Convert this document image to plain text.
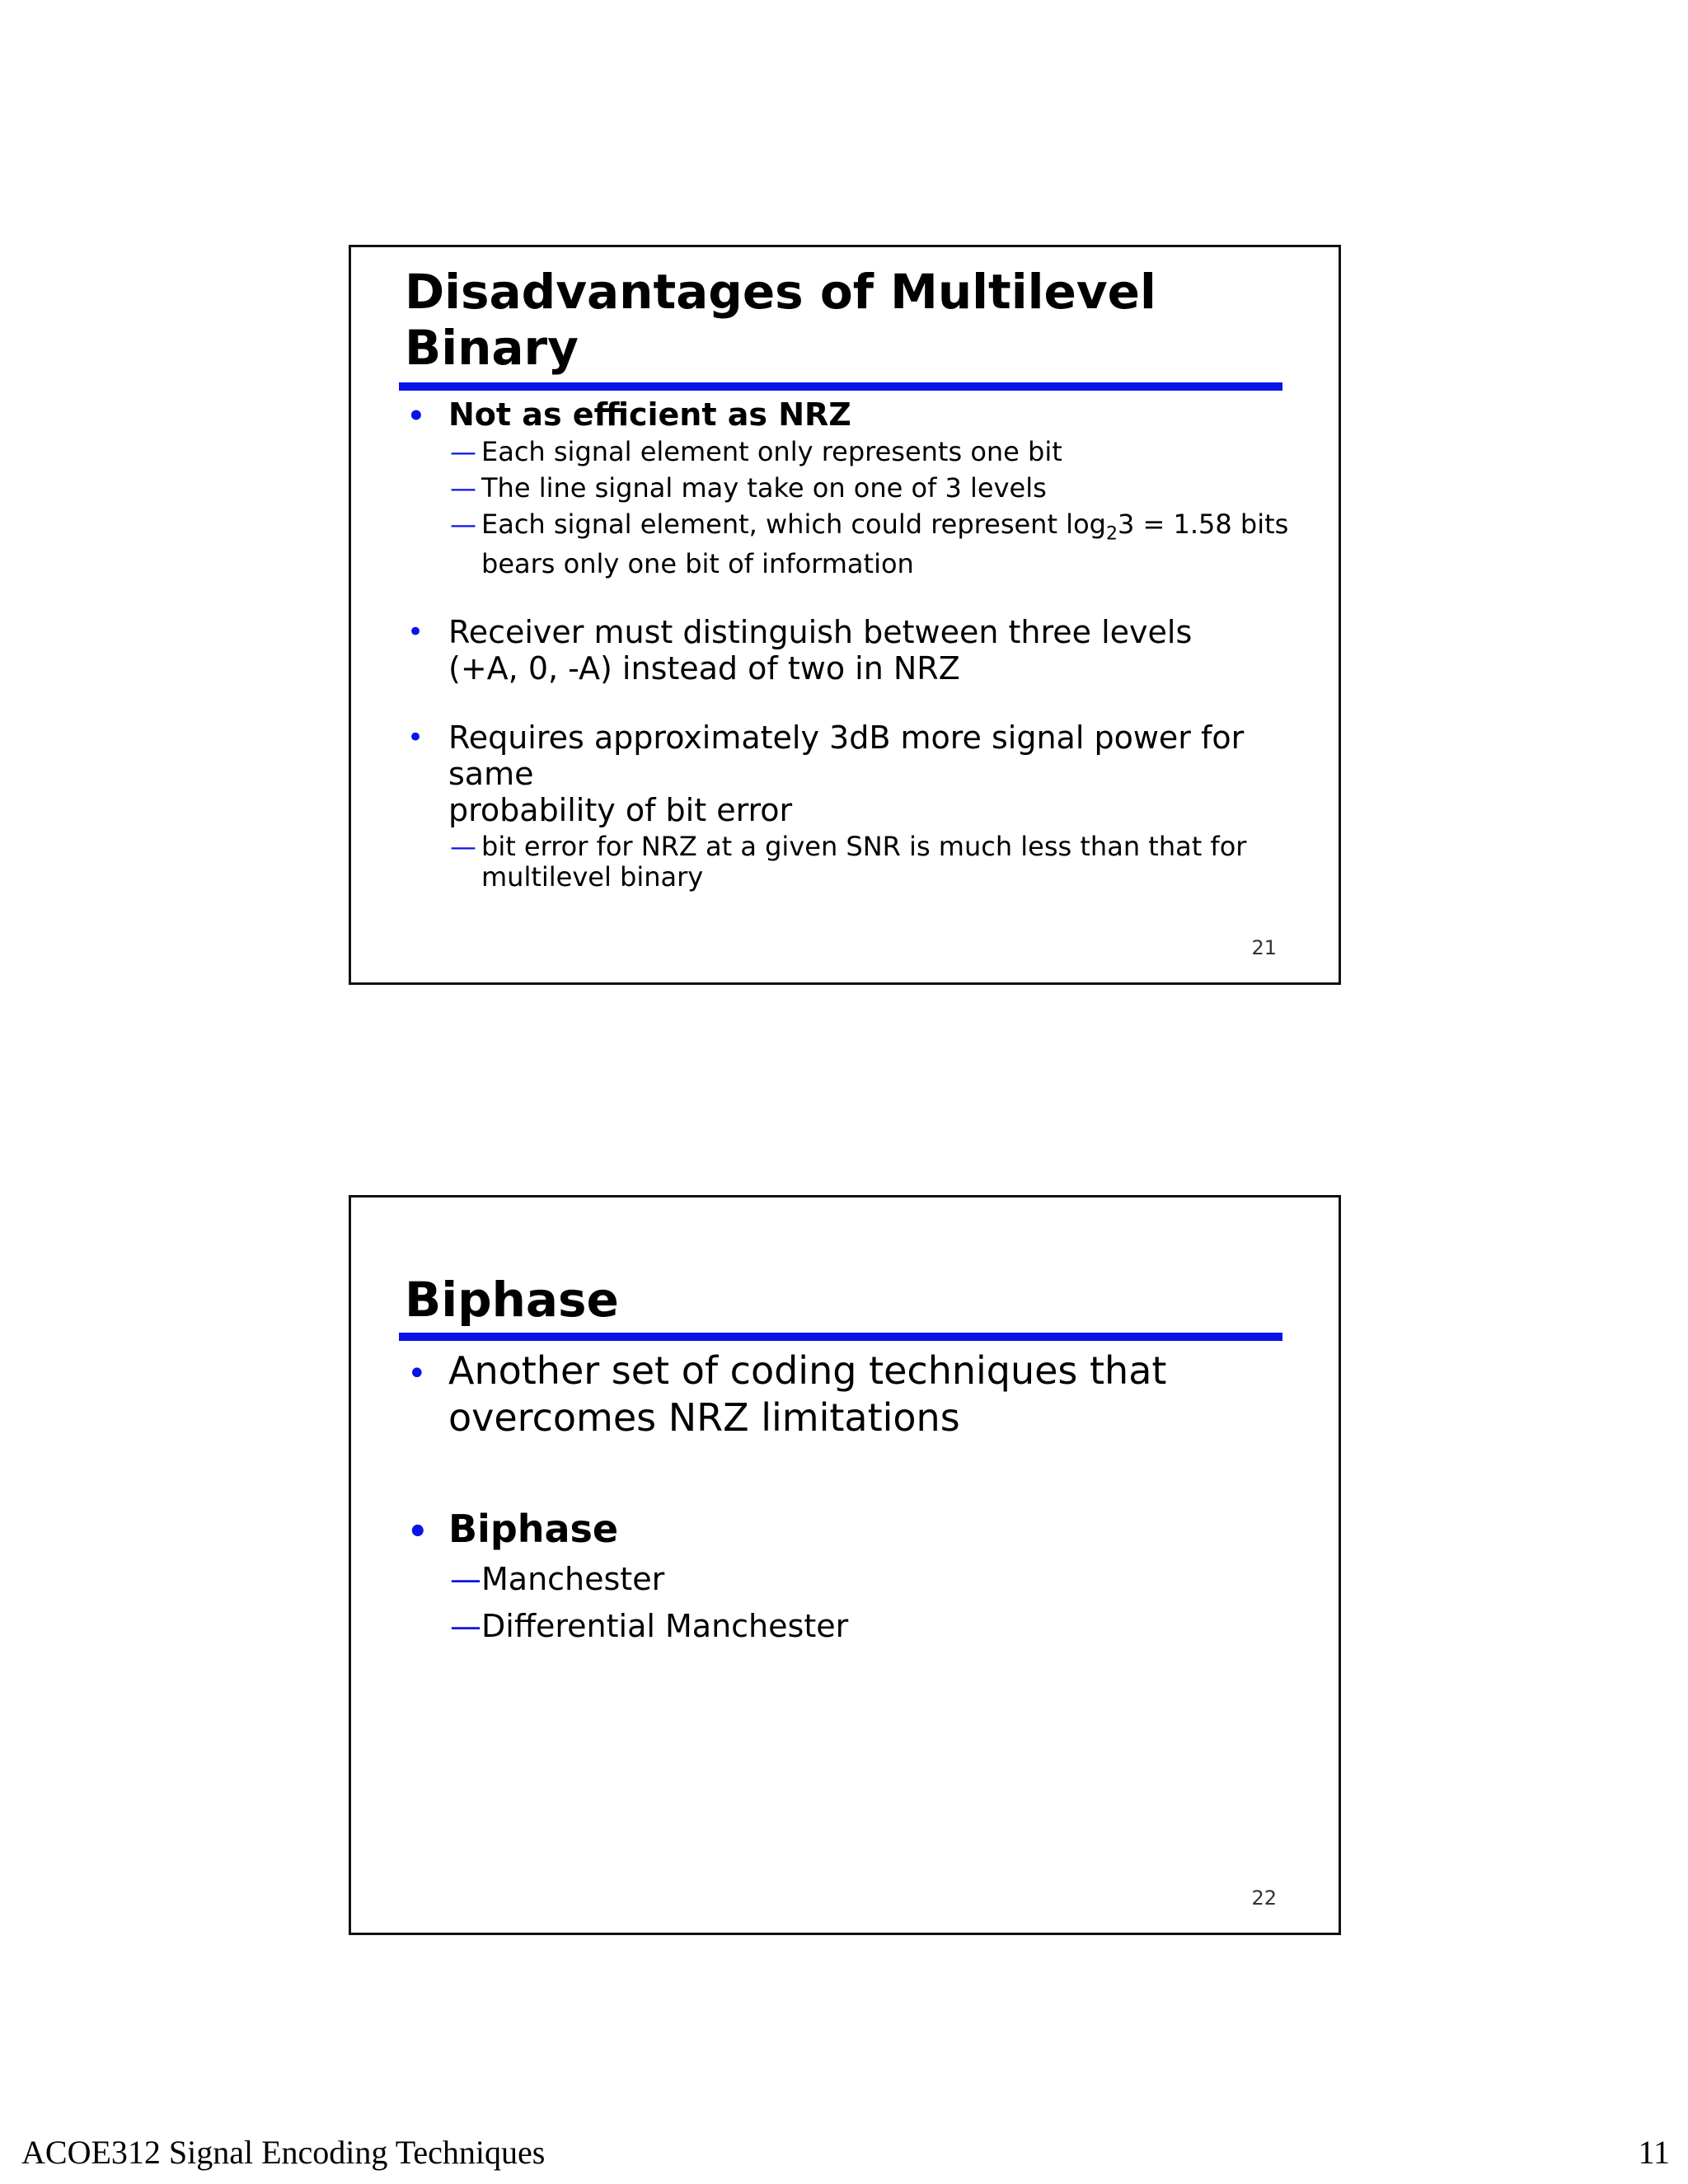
Disadvantages of Multilevel
Binary
• Not as efficient as NRZ
— Each signal element only represents one bit
— The line signal may take on one of 3 levels
— Each signal element, which could represent $\log_23 = 1.58$ bits
bears only one bit of information
• Receiver must distinguish between three levels
(+A, 0, -A) instead of two in NRZ
• Requires approximately 3dB more signal power for same
probability of bit error
— bit error for NRZ at a given SNR is much less than that for
multilevel binary
21
Biphase
• Another set of coding techniques that
overcomes NRZ limitations
• Biphase
— Manchester
— Differential Manchester
22
ACOE312 Signal Encoding Techniques	11
